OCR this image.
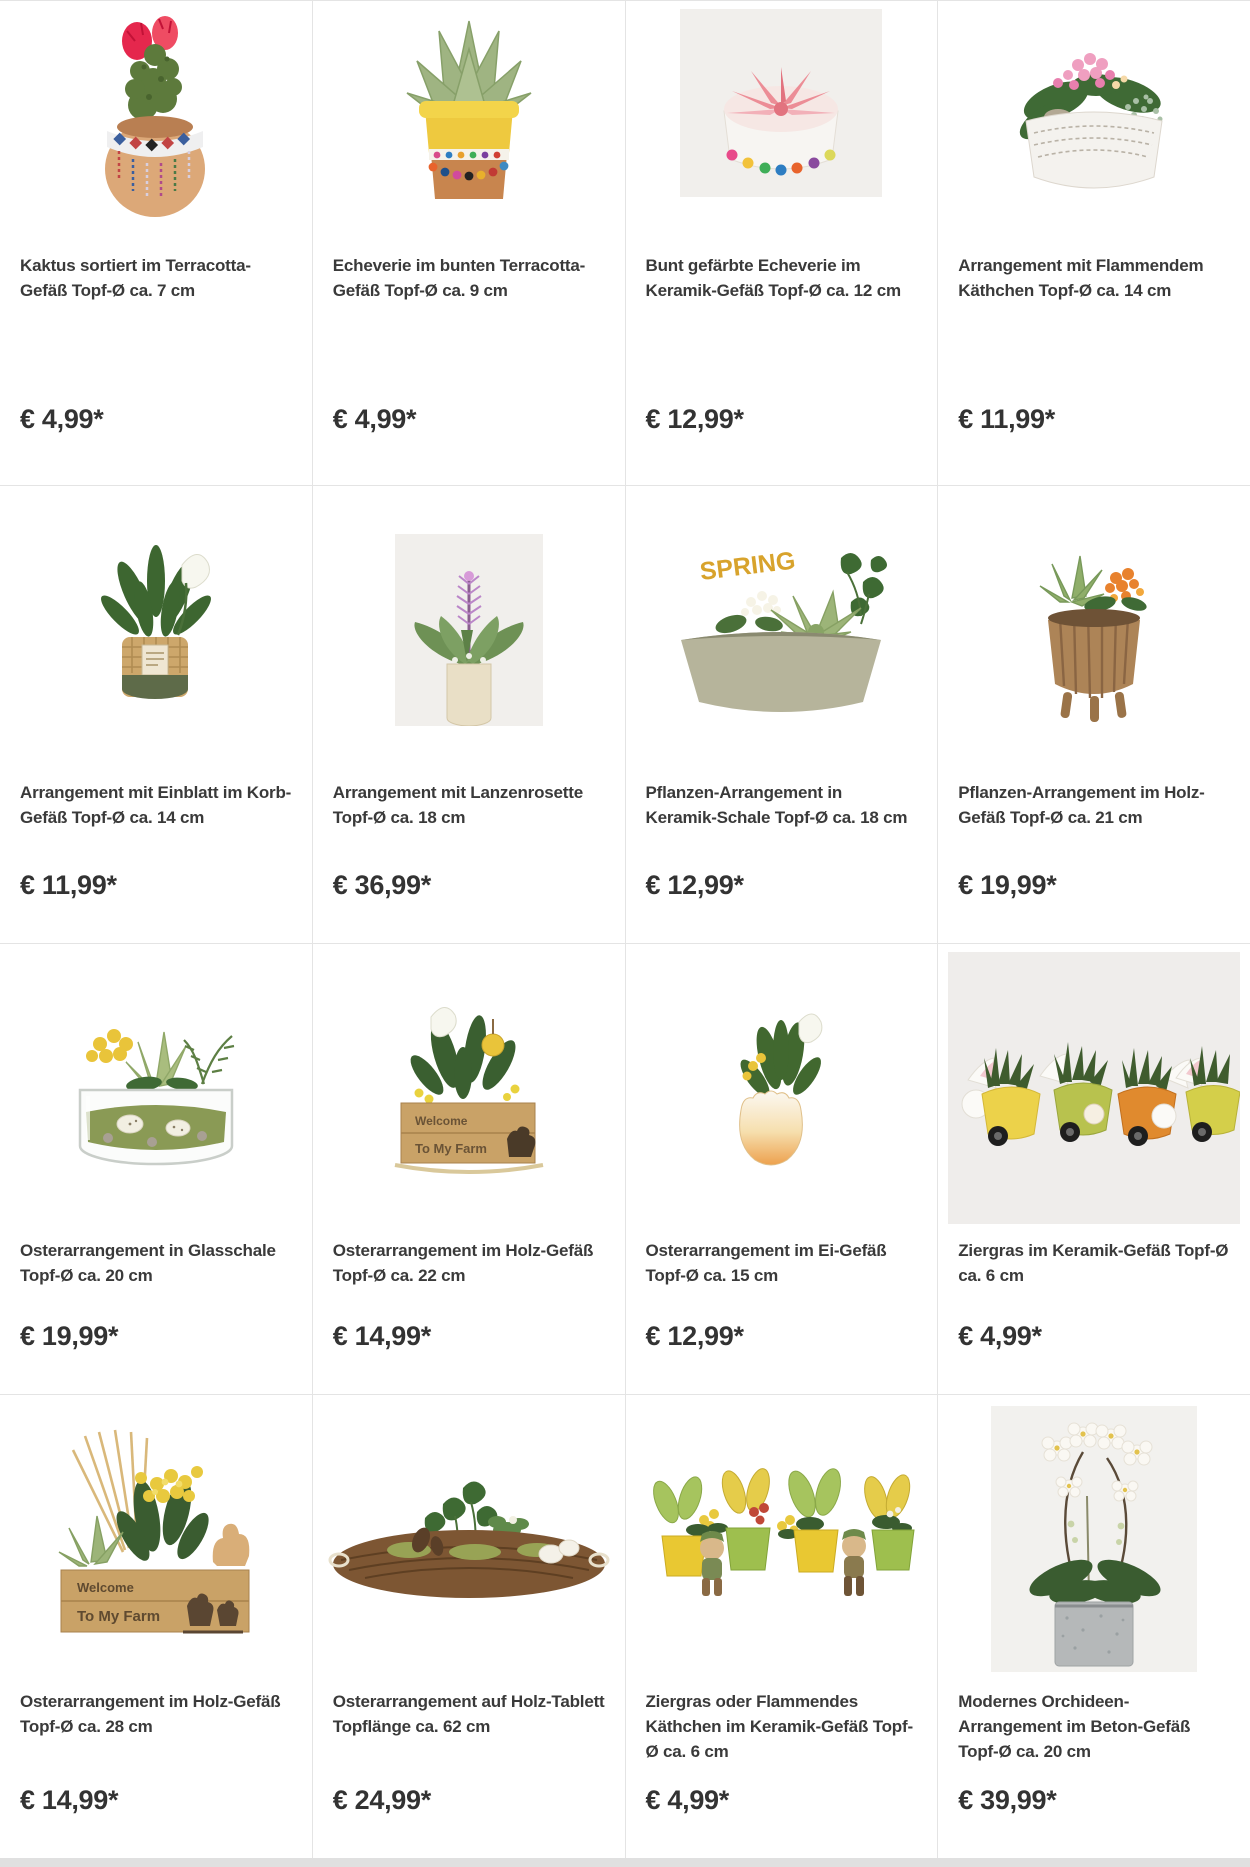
Kaktus sortiert im Terracotta-Gefäß Topf-Ø ca. 7 cm
€ 4,99*
Echeverie im bunten Terracotta-Gefäß Topf-Ø ca. 9 cm
€ 4,99*
Bunt gefärbte Echeverie im Keramik-Gefäß Topf-Ø ca. 12 cm
€ 12,99*
Arrangement mit Flammendem Käthchen Topf-Ø ca. 14 cm
€ 11,99*
Arrangement mit Einblatt im Korb-Gefäß Topf-Ø ca. 14 cm
€ 11,99*
Arrangement mit Lanzenrosette Topf-Ø ca. 18 cm
€ 36,99*
SPRING
Pflanzen-Arrangement in Keramik-Schale Topf-Ø ca. 18 cm
€ 12,99*
Pflanzen-Arrangement im Holz-Gefäß Topf-Ø ca. 21 cm
€ 19,99*
Osterarrangement in Glasschale Topf-Ø ca. 20 cm
€ 19,99*
Welcome
To My Farm
Osterarrangement im Holz-Gefäß Topf-Ø ca. 22 cm
€ 14,99*
Osterarrangement im Ei-Gefäß Topf-Ø ca. 15 cm
€ 12,99*
Ziergras im Keramik-Gefäß Topf-Ø ca. 6 cm
€ 4,99*
Welcome
To My Farm
Osterarrangement im Holz-Gefäß Topf-Ø ca. 28 cm
€ 14,99*
Osterarrangement auf Holz-Tablett Topflänge ca. 62 cm
€ 24,99*
Ziergras oder Flammendes Käthchen im Keramik-Gefäß Topf-Ø ca. 6 cm
€ 4,99*
Modernes Orchideen-Arrangement im Beton-Gefäß Topf-Ø ca. 20 cm
€ 39,99*
